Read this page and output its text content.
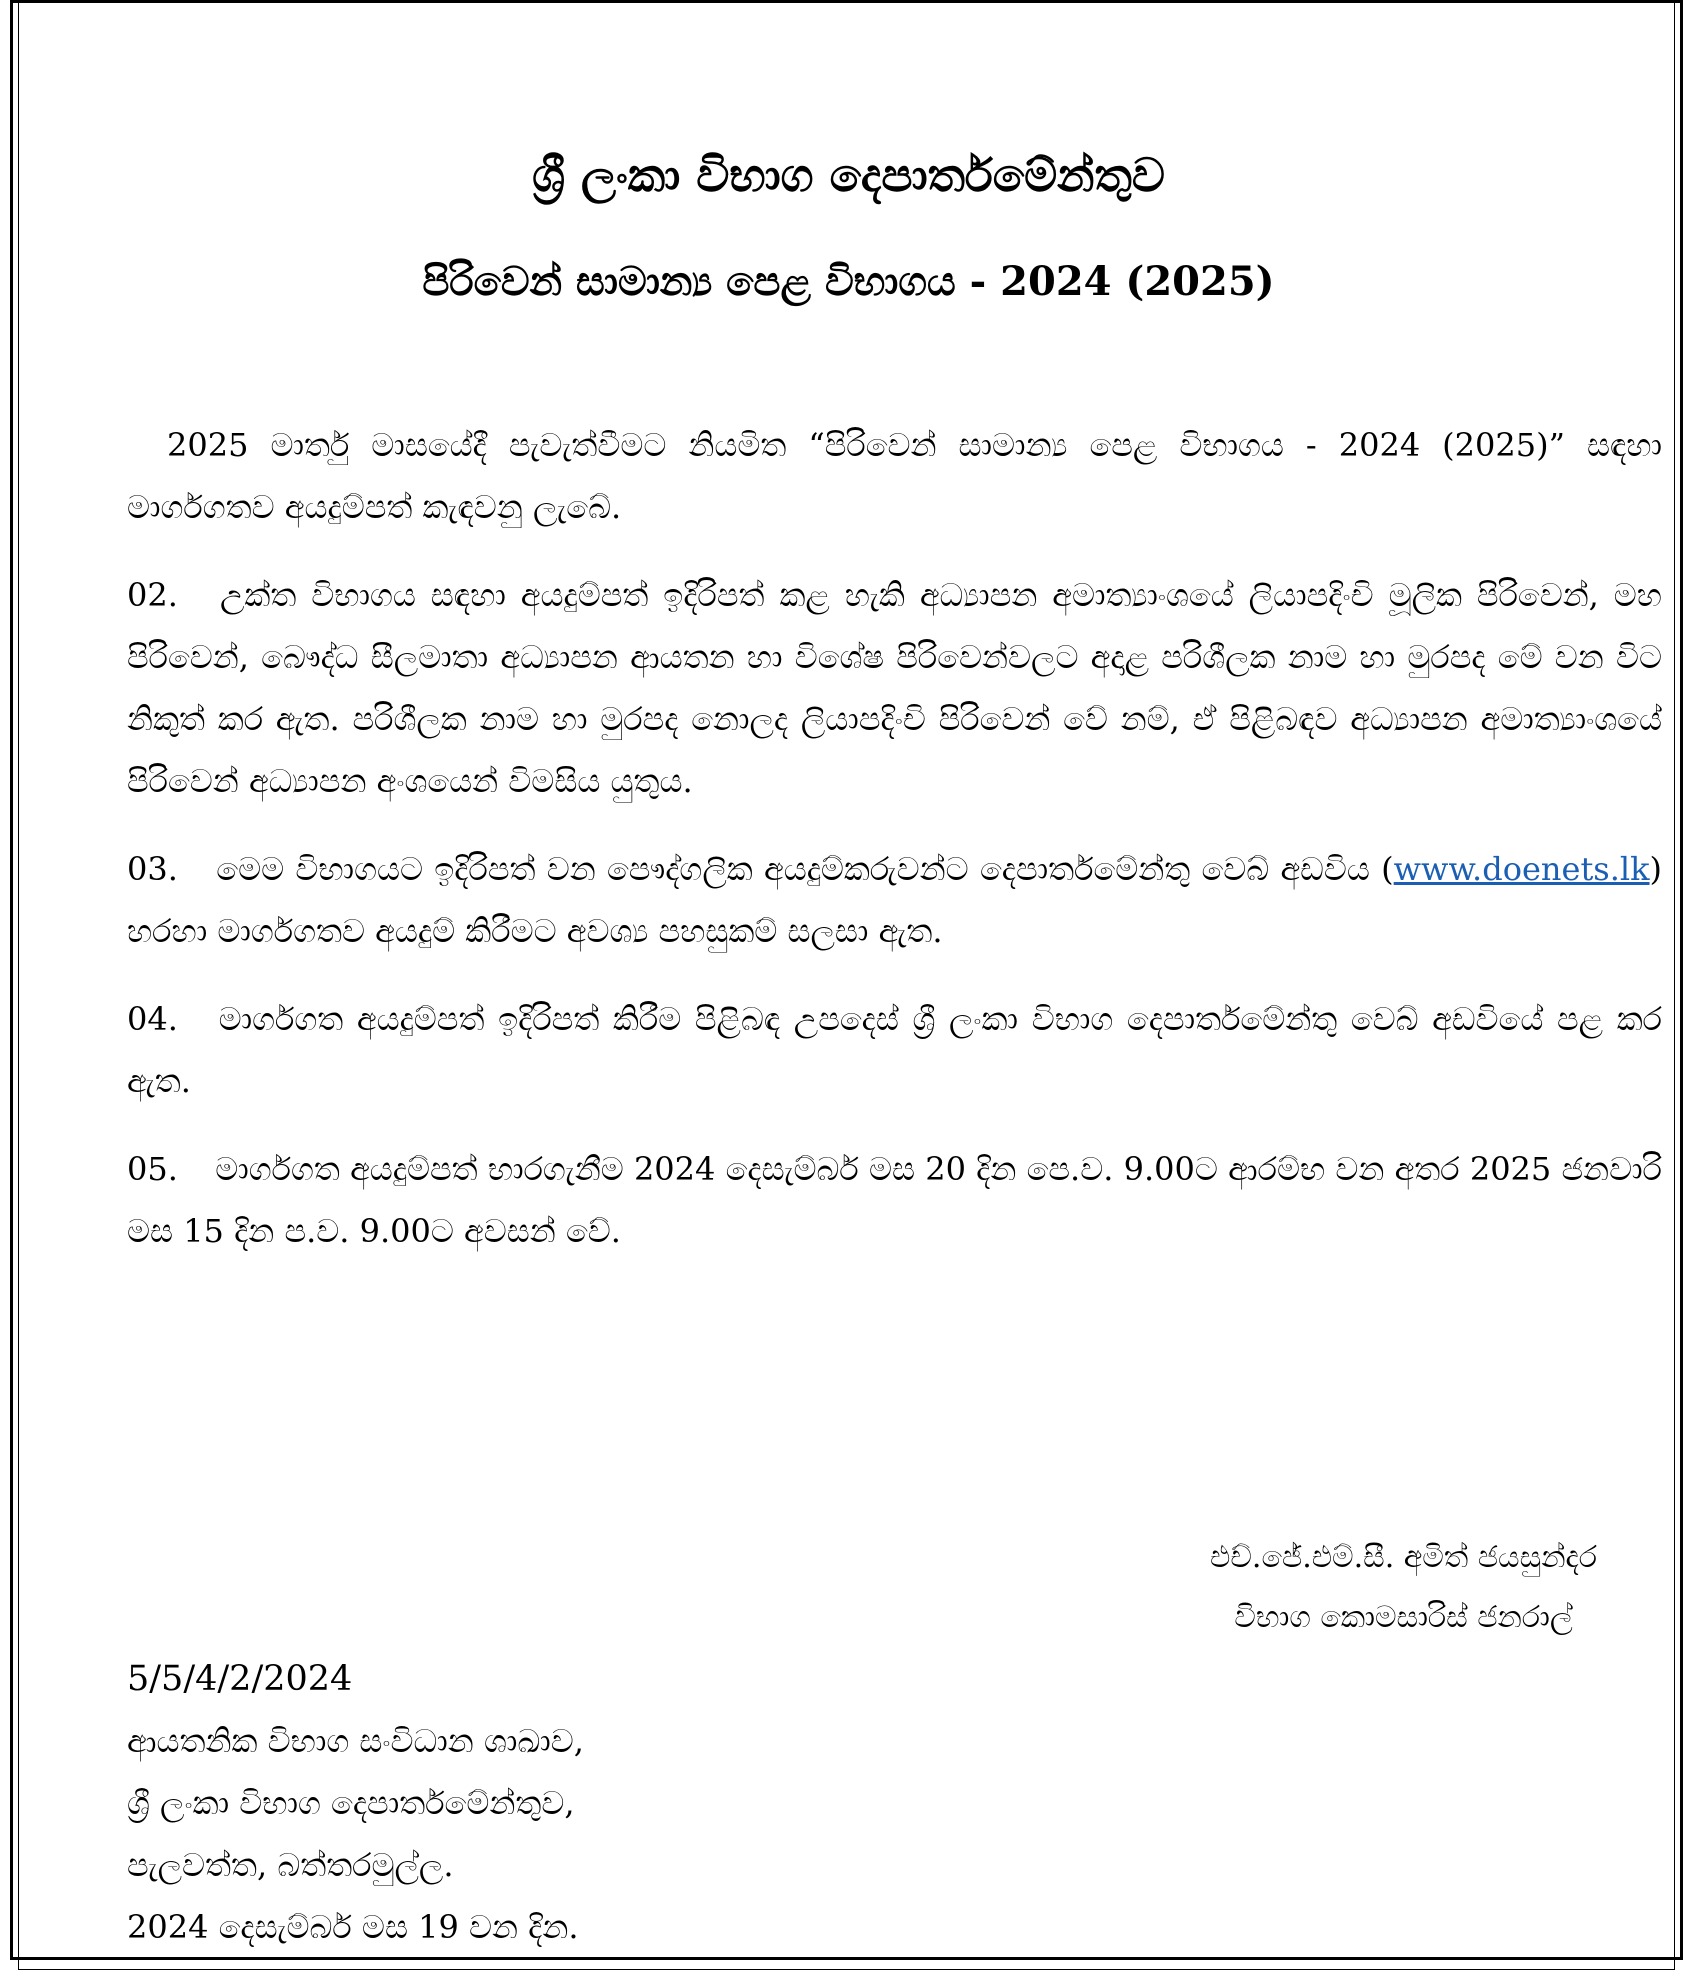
ශ්‍රී ලංකා විභාග දෙපාර්තමේන්තුව
පිරිවෙන් සාමාන්‍ය පෙළ විභාගය - 2024 (2025)

2025 මාර්තු මාසයේදී පැවැත්වීමට නියමිත “පිරිවෙන් සාමාන්‍ය පෙළ විභාගය - 2024 (2025)” සඳහා මාර්ගගතව අයදුම්පත් කැඳවනු ලැබේ.

02. උක්ත විභාගය සඳහා අයදුම්පත් ඉදිරිපත් කළ හැකි අධ්‍යාපන අමාත්‍යාංශයේ ලියාපදිංචි මූලික පිරිවෙන්, මහ පිරිවෙන්, බෞද්ධ සීලමාතා අධ්‍යාපන ආයතන හා විශේෂ පිරිවෙන්වලට අදාළ පරිශීලක නාම හා මුරපද මේ වන විට නිකුත් කර ඇත. පරිශීලක නාම හා මුරපද නොලද ලියාපදිංචි පිරිවෙන් වේ නම්, ඒ පිළිබඳව අධ්‍යාපන අමාත්‍යාංශයේ පිරිවෙන් අධ්‍යාපන අංශයෙන් විමසිය යුතුය.

03. මෙම විභාගයට ඉදිරිපත් වන පෞද්ගලික අයදුම්කරුවන්ට දෙපාර්තමේන්තු වෙබ් අඩවිය (www.doenets.lk) හරහා මාර්ගගතව අයදුම් කිරීමට අවශ්‍ය පහසුකම් සලසා ඇත.

04. මාර්ගගත අයදුම්පත් ඉදිරිපත් කිරීම පිළිබඳ උපදෙස් ශ්‍රී ලංකා විභාග දෙපාර්තමේන්තු වෙබ් අඩවියේ පළ කර ඇත.

05. මාර්ගගත අයදුම්පත් භාරගැනීම 2024 දෙසැම්බර් මස 20 දින පෙ.ව. 9.00ට ආරම්භ වන අතර 2025 ජනවාරි මස 15 දින ප.ව. 9.00ට අවසන් වේ.

එච්.ජේ.එම්.සී. අමිත් ජයසුන්දර
විභාග කොමසාරිස් ජනරාල්
5/5/4/2/2024
ආයතනික විභාග සංවිධාන ශාඛාව,
ශ්‍රී ලංකා විභාග දෙපාර්තමේන්තුව,
පැලවත්ත, බත්තරමුල්ල.
2024 දෙසැම්බර් මස 19 වන දින.
